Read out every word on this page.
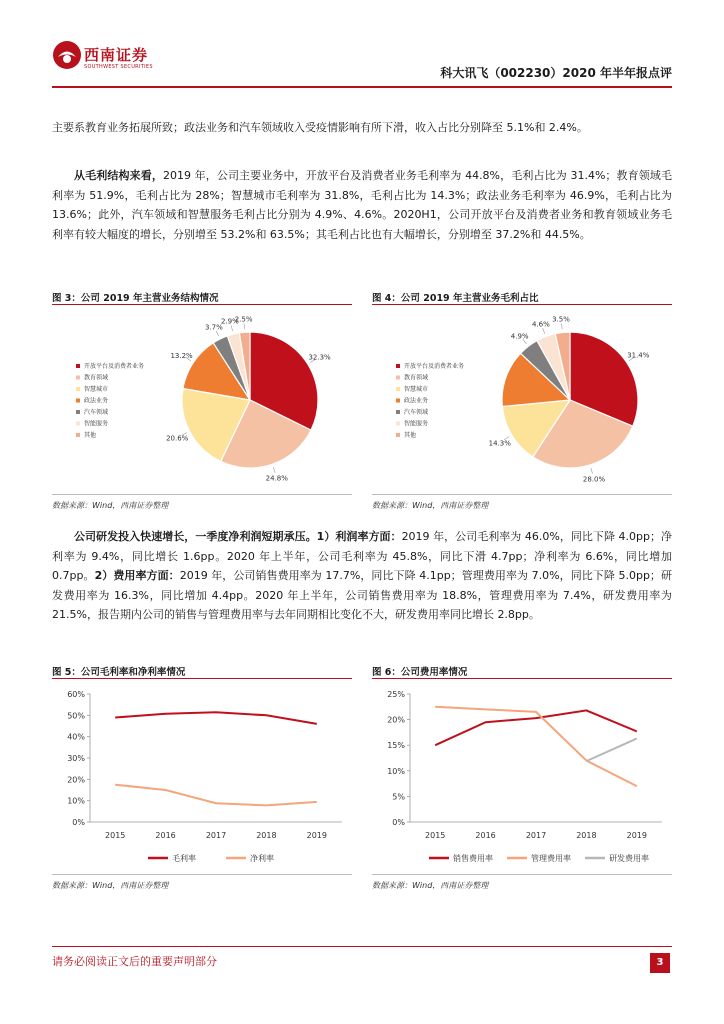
西南证券
SOUTHWEST SECURITIES	科大讯飞（002230）2020 年半年报点评
主要系教育业务拓展所致；政法业务和汽车领域收入受疫情影响有所下滑，收入占比分别降至 5.1%和 2.4%。
从毛利结构来看，2019 年，公司主要业务中，开放平台及消费者业务毛利率为 44.8%，毛利占比为 31.4%；教育领域毛利率为 51.9%，毛利占比为 28%；智慧城市毛利率为 31.8%，毛利占比为 14.3%；政法业务毛利率为 46.9%，毛利占比为 13.6%；此外，汽车领域和智慧服务毛利占比分别为 4.9%、4.6%。2020H1，公司开放平台及消费者业务和教育领域业务毛利率有较大幅度的增长，分别增至 53.2%和 63.5%；其毛利占比也有大幅增长，分别增至 37.2%和 44.5%。
图 3：公司 2019 年主营业务结构情况
32.3%
24.8%
20.6%
13.2%
3.7%
2.9%
2.5%
开放平台及消费者业务
教育领域
智慧城市
政法业务
汽车领域
智能服务
其他
数据来源：Wind，西南证券整理
图 4：公司 2019 年主营业务毛利占比
31.4%
28.0%
14.3%
4.9%
4.6%
3.5%
开放平台及消费者业务
教育领域
智慧城市
政法业务
汽车领域
智能服务
其他
数据来源：Wind，西南证券整理
公司研发投入快速增长，一季度净利润短期承压。1）利润率方面：2019 年，公司毛利率为 46.0%，同比下降 4.0pp；净利率为 9.4%，同比增长 1.6pp。2020 年上半年，公司毛利率为 45.8%，同比下滑 4.7pp；净利率为 6.6%，同比增加 0.7pp。2）费用率方面：2019 年，公司销售费用率为 17.7%，同比下降 4.1pp；管理费用率为 7.0%，同比下降 5.0pp；研发费用率为 16.3%，同比增加 4.4pp。2020 年上半年，公司销售费用率为 18.8%，管理费用率为 7.4%，研发费用率为 21.5%，报告期内公司的销售与管理费用率与去年同期相比变化不大，研发费用率同比增长 2.8pp。
图 5：公司毛利率和净利率情况
0%
10%
20%
30%
40%
50%
60%
2015	2016	2017	2018	2019
毛利率	净利率
数据来源：Wind，西南证券整理
图 6：公司费用率情况
0%
5%
10%
15%
20%
25%
2015	2016	2017	2018	2019
销售费用率	管理费用率	研发费用率
数据来源：Wind，西南证券整理
请务必阅读正文后的重要声明部分	3
